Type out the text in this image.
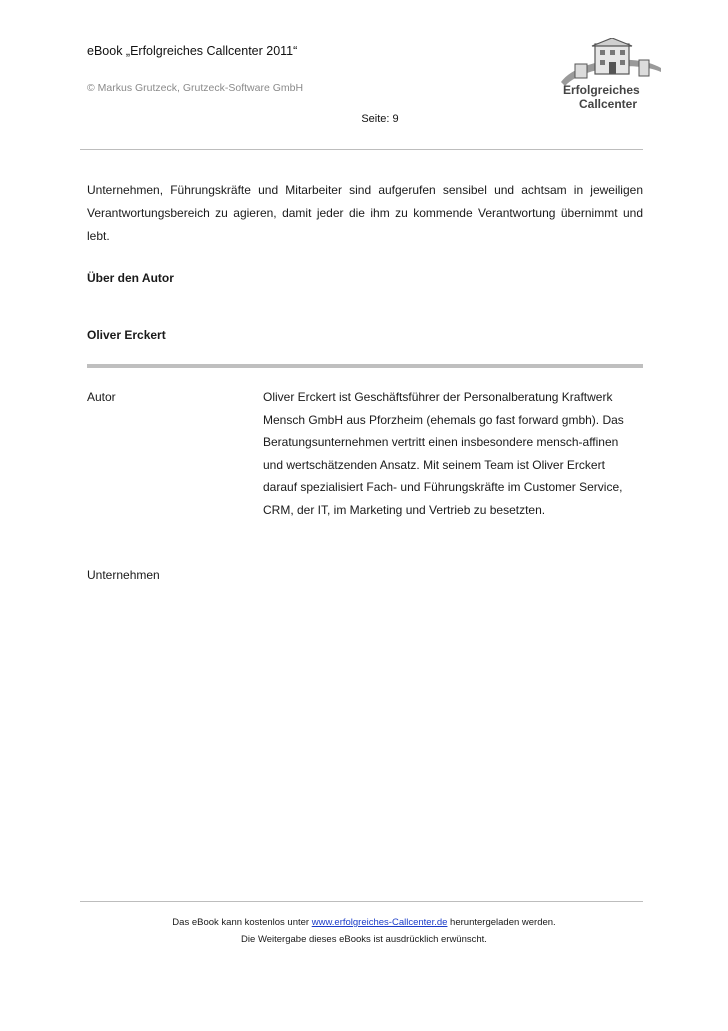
eBook „Erfolgreiches Callcenter 2011“
© Markus Grutzeck, Grutzeck-Software GmbH
Seite: 9
Erfolgreiches
Callcenter
Unternehmen, Führungskräfte und Mitarbeiter sind aufgerufen sensibel und achtsam in jeweiligen Verantwortungsbereich zu agieren, damit jeder die ihm zu kommende Verantwortung übernimmt und lebt.
Über den Autor
Oliver Erckert
Autor	Oliver Erckert ist Geschäftsführer der Personalberatung Kraftwerk
Mensch GmbH aus Pforzheim (ehemals go fast forward gmbh). Das
Beratungsunternehmen vertritt einen insbesondere mensch-affinen
und wertschätzenden Ansatz. Mit seinem Team ist Oliver Erckert
darauf spezialisiert Fach- und Führungskräfte im Customer Service,
CRM, der IT, im Marketing und Vertrieb zu besetzten.
Unternehmen
Das eBook kann kostenlos unter www.erfolgreiches-Callcenter.de heruntergeladen werden.
Die Weitergabe dieses eBooks ist ausdrücklich erwünscht.
